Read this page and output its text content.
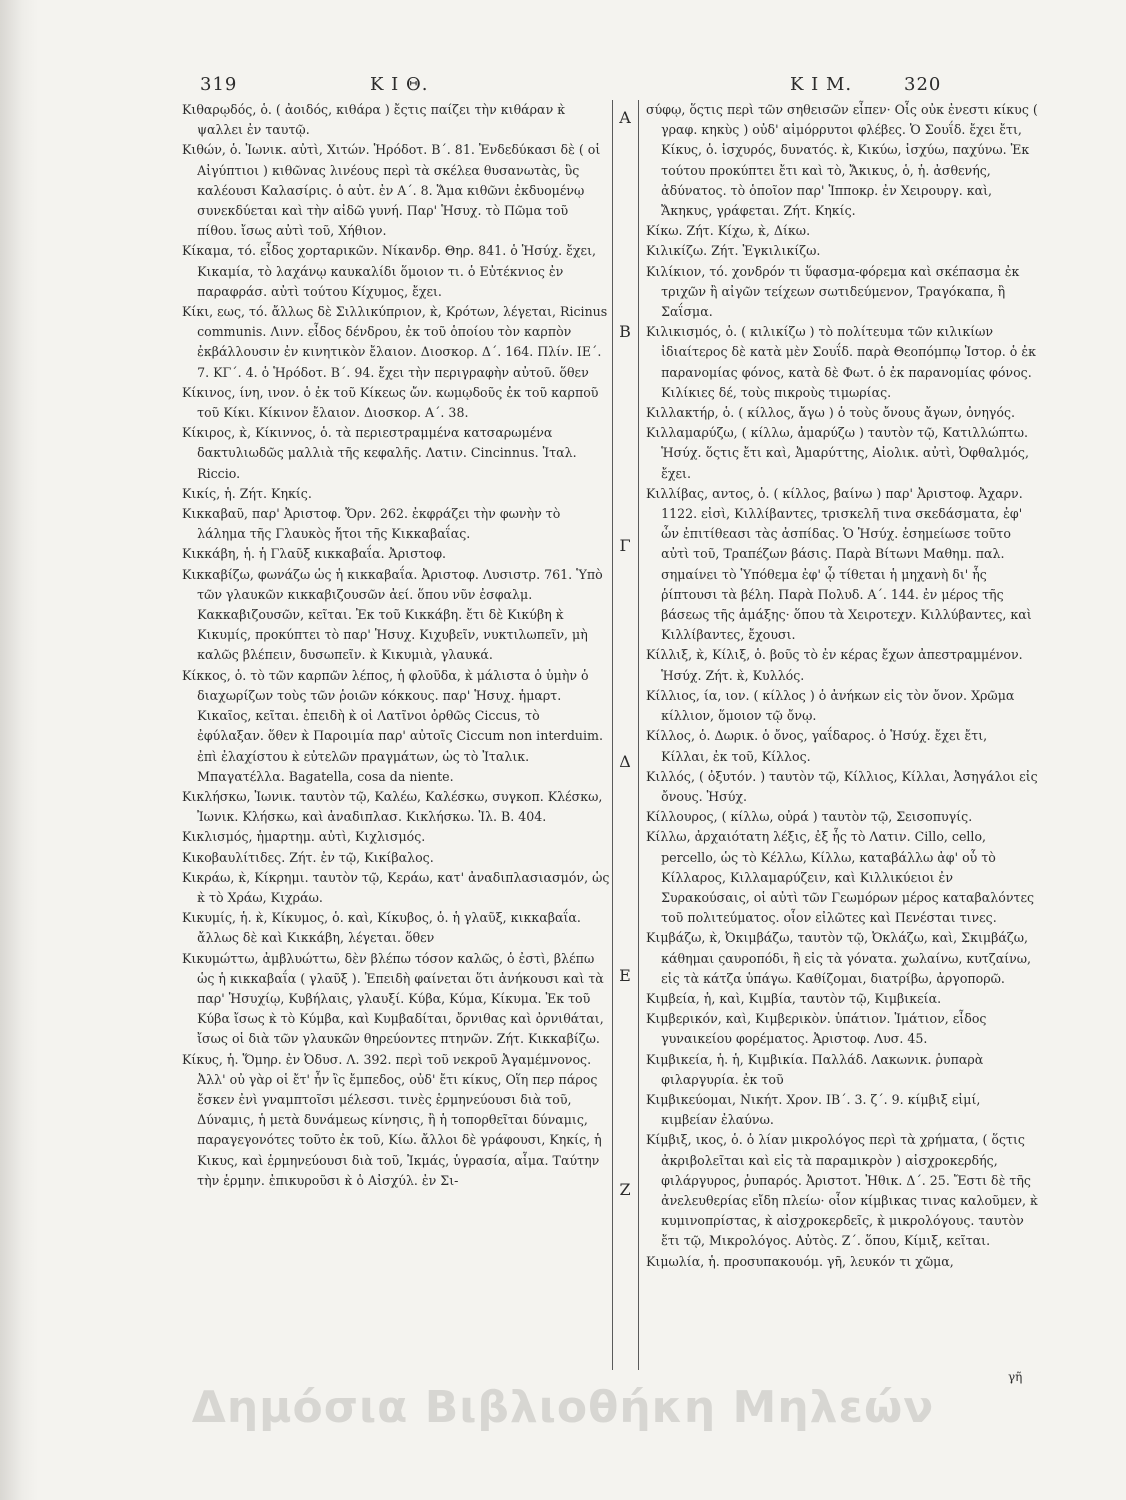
319	Κ Ι Θ.	Κ Ι Μ.	320
Α
Β
Γ
Δ
Ε
Ζ

Κιθαρῳδός, ὁ. ( ἀοιδός, κιθάρα ) ἔςτις παίζει τὴν κιθάραν κ̀ ψαλλει ἐν ταυτῷ.

Κιθών, ὁ. Ἰωνικ. αὐτὶ, Χιτών. Ἡρόδοτ. Β΄. 81. Ἐνδεδύκασι δὲ ( οἱ Αἰγύπτιοι ) κιθῶνας λινέους περὶ τὰ σκέλεα θυσανωτὰς, ὓς καλέουσι Καλασίρις. ὁ αὐτ. ἐν Α΄. 8. Ἅμα κιθῶνι ἐκδυομένῳ συνεκδύεται καὶ τὴν αἰδῶ γυνή. Παρ' Ἡσυχ. τὸ Πῶμα τοῦ πίθου. ἴσως αὐτὶ τοῦ, Χήθιον.

Κίκαμα, τό. εἶδος χορταρικῶν. Νίκανδρ. Θηρ. 841. ὁ Ἡσύχ. ἔχει, Κικαμία, τὸ λαχάνῳ καυκαλίδι ὅμοιον τι. ὁ Εὐτέκνιος ἐν παραφράσ. αὐτὶ τούτου Κίχυμος, ἔχει.

Κίκι, εως, τό. ἄλλως δὲ Σιλλικύπριον, κ̀, Κρότων, λέγεται, Ricinus communis. Λινν. εἶδος δένδρου, ἐκ τοῦ ὁποίου τὸν καρπὸν ἐκβάλλουσιν ἐν κινητικὸν ἔλαιον. Διοσκορ. Δ΄. 164. Πλίν. ΙΕ΄. 7. ΚΓ΄. 4. ὁ Ἡρόδοτ. Β΄. 94. ἔχει τὴν περιγραφὴν αὐτοῦ. ὅθεν

Κίκινος, ίνη, ινον. ὁ ἐκ τοῦ Κίκεως ὤν. κωμῳδοῦς ἐκ τοῦ καρποῦ τοῦ Κίκι. Κίκινον ἔλαιον. Διοσκορ. Α΄. 38.

Κίκιρος, κ̀, Κίκιννος, ὁ. τὰ περιεστραμμένα κατσαρωμένα δακτυλιωδῶς μαλλιὰ τῆς κεφαλῆς. Λατιν. Cincinnus. Ἰταλ. Riccio.

Κικίς, ἡ. Ζήτ. Κηκίς.

Κικκαβαῦ, παρ' Ἀριστοφ. Ὄρν. 262. ἐκφράζει τὴν φωνὴν τὸ λάλημα τῆς Γλαυκὸς ἤτοι τῆς Κικκαβαΐας.

Κικκάβη, ἡ. ἡ Γλαῦξ κικκαβαΐα. Ἀριστοφ.

Κικκαβίζω, φωνάζω ὡς ἡ κικκαβαΐα. Ἀριστοφ. Λυσιστρ. 761. Ὑπὸ τῶν γλαυκῶν κικκαβιζουσῶν ἀεί. ὅπου νῦν ἐσφαλμ. Κακκαβιζουσῶν, κεῖται. Ἐκ τοῦ Κικκάβη. ἔτι δὲ Κικύβη κ̀ Κικυμίς, προκύπτει τὸ παρ' Ἡσυχ. Κιχυβεῖν, νυκτιλωπεῖν, μὴ καλῶς βλέπειν, δυσωπεῖν. κ̀ Κικυμιὰ, γλαυκά.

Κίκκος, ὁ. τὸ τῶν καρπῶν λέπος, ἡ φλοῦδα, κ̀ μάλιστα ὁ ὑμὴν ὁ διαχωρίζων τοὺς τῶν ῥοιῶν κόκκους. παρ' Ἡσυχ. ἡμαρτ. Κικαῖος, κεῖται. ἐπειδὴ κ̀ οἱ Λατῖνοι ὀρθῶς Ciccus, τὸ ἐφύλαξαν. ὅθεν κ̀ Παροιμία παρ' αὐτοῖς Ciccum non interduim. ἐπὶ ἐλαχίστου κ̀ εὐτελῶν πραγμάτων, ὡς τὸ Ἰταλικ. Μπαγατέλλα. Bagatella, cosa da niente.

Κικλήσκω, Ἰωνικ. ταυτὸν τῷ, Καλέω, Καλέσκω, συγκοπ. Κλέσκω, Ἰωνικ. Κλήσκω, καὶ ἀναδιπλασ. Κικλήσκω. Ἰλ. Β. 404.

Κικλισμός, ἡμαρτημ. αὐτὶ, Κιχλισμός.

Κικοβαυλίτιδες. Ζήτ. ἐν τῷ, Κικίβαλος.

Κικράω, κ̀, Κίκρημι. ταυτὸν τῷ, Κεράω, κατ' ἀναδιπλασιασμόν, ὡς κ̀ τὸ Χράω, Κιχράω.

Κικυμίς, ἡ. κ̀, Κίκυμος, ὁ. καὶ, Κίκυβος, ὁ. ἡ γλαῦξ, κικκαβαΐα. ἄλλως δὲ καὶ Κικκάβη, λέγεται. ὅθεν

Κικυμώττω, ἀμβλυώττω, δὲν βλέπω τόσον καλῶς, ὁ ἐστὶ, βλέπω ὡς ἡ κικκαβαΐα ( γλαῦξ ). Ἐπειδὴ φαίνεται ὅτι ἀνήκουσι καὶ τὰ παρ' Ἡσυχίῳ, Κυβήλαις, γλαυξί. Κύβα, Κύμα, Κίκυμα. Ἐκ τοῦ Κύβα ἴσως κ̀ τὸ Κύμβα, καὶ Κυμβαδίται, ὄρνιθας καὶ ὀρνιθάται, ἴσως οἱ διὰ τῶν γλαυκῶν θηρεύοντες πτηνῶν. Ζήτ. Κικκαβίζω.

Κίκυς, ἡ. Ὅμηρ. ἐν Ὀδυσ. Λ. 392. περὶ τοῦ νεκροῦ Ἀγαμέμνονος. Ἀλλ' οὐ γὰρ οἱ ἔτ' ἦν ἲς ἔμπεδος, οὐδ' ἔτι κίκυς, Οἵη περ πάρος ἔσκεν ἐνὶ γναμπτοῖσι μέλεσσι. τινὲς ἑρμηνεύουσι διὰ τοῦ, Δύναμις, ἡ μετὰ δυνάμεως κίνησις, ἢ ἡ τοπορθεῖται δύναμις, παραγεγονότες τοῦτο ἐκ τοῦ, Κίω. ἄλλοι δὲ γράφουσι, Κηκίς, ἡ Κικυς, καὶ ἑρμηνεύουσι διὰ τοῦ, Ἰκμάς, ὑγρασία, αἷμα. Ταύτην τὴν ἑρμην. ἐπικυροῦσι κ̀ ὁ Αἰσχύλ. ἐν Σι-

σύφῳ, ὅςτις περὶ τῶν σηθεισῶν εἶπεν· Οἷς οὐκ ἐνεστι κίκυς ( γραφ. κηκὺς ) οὐδ' αἱμόρρυτοι φλέβες. Ὁ Σουΐδ. ἔχει ἔτι, Κίκυς, ὁ. ἰσχυρός, δυνατός. κ̀, Κικύω, ἰσχύω, παχύνω. Ἐκ τούτου προκύπτει ἔτι καὶ τὸ, Ἄκικυς, ὁ, ἡ. ἀσθενής, ἀδύνατος. τὸ ὁποῖον παρ' Ἱπποκρ. ἐν Χειρουργ. καὶ, Ἄκηκυς, γράφεται. Ζήτ. Κηκίς.

Κίκω. Ζήτ. Κίχω, κ̀, Δίκω.

Κιλικίζω. Ζήτ. Ἐγκιλικίζω.

Κιλίκιον, τό. χονδρόν τι ὕφασμα-φόρεμα καὶ σκέπασμα ἐκ τριχῶν ἢ αἰγῶν τείχεων σωτιδεύμενον, Τραγόκαπα, ἢ Σαΐσμα.

Κιλικισμός, ὁ. ( κιλικίζω ) τὸ πολίτευμα τῶν κιλικίων ἰδιαίτερος δὲ κατὰ μὲν Σουΐδ. παρὰ Θεοπόμπῳ Ἱστορ. ὁ ἐκ παρανομίας φόνος, κατὰ δὲ Φωτ. ὁ ἐκ παρανομίας φόνος. Κιλίκιες δέ, τοὺς πικροὺς τιμωρίας.

Κιλλακτήρ, ὁ. ( κίλλος, ἄγω ) ὁ τοὺς ὄνους ἄγων, ὀνηγός.

Κιλλαμαρύζω, ( κίλλω, ἀμαρύζω ) ταυτὸν τῷ, Κατιλλώπτω. Ἡσύχ. ὅςτις ἔτι καὶ, Ἀμαρύττης, Αἰολικ. αὐτὶ, Ὀφθαλμός, ἔχει.

Κιλλίβας, αντος, ὁ. ( κίλλος, βαίνω ) παρ' Ἀριστοφ. Ἀχαρν. 1122. εἰσὶ, Κιλλίβαντες, τρισκελῆ τινα σκεδάσματα, ἐφ' ὧν ἐπιτίθεασι τὰς ἀσπίδας. Ὁ Ἡσύχ. ἐσημείωσε τοῦτο αὐτὶ τοῦ, Τραπέζων βάσις. Παρὰ Βίτωνι Μαθημ. παλ. σημαίνει τὸ Ὑπόθεμα ἐφ' ᾧ τίθεται ἡ μηχανὴ δι' ἧς ῥίπτουσι τὰ βέλη. Παρὰ Πολυδ. Α΄. 144. ἐν μέρος τῆς βάσεως τῆς ἁμάξης· ὅπου τὰ Χειροτεχν. Κιλλύβαντες, καὶ Κιλλίβαντες, ἔχουσι.

Κίλλιξ, κ̀, Κίλιξ, ὁ. βοῦς τὸ ἐν κέρας ἔχων ἀπεστραμμένον. Ἡσύχ. Ζήτ. κ̀, Κυλλός.

Κίλλιος, ία, ιον. ( κίλλος ) ὁ ἀνήκων εἰς τὸν ὄνον. Χρῶμα κίλλιον, ὅμοιον τῷ ὄνῳ.

Κίλλος, ὁ. Δωρικ. ὁ ὄνος, γαΐδαρος. ὁ Ἡσύχ. ἔχει ἔτι, Κίλλαι, ἐκ τοῦ, Κίλλος.

Κιλλός, ( ὀξυτόν. ) ταυτὸν τῷ, Κίλλιος, Κίλλαι, Ἀσηγάλοι εἰς ὄνους. Ἡσύχ.

Κίλλουρος, ( κίλλω, οὐρά ) ταυτὸν τῷ, Σεισοπυγίς.

Κίλλω, ἀρχαιότατη λέξις, ἐξ ἧς τὸ Λατιν. Cillo, cello, percello, ὡς τὸ Κέλλω, Κίλλω, καταβάλλω ἀφ' οὗ τὸ Κίλλαρος, Κιλλαμαρύζειν, καὶ Κιλλικύειοι ἐν Συρακούσαις, οἱ αὐτὶ τῶν Γεωμόρων μέρος καταβαλόντες τοῦ πολιτεύματος. οἷον εἰλῶτες καὶ Πενέσται τινες.

Κιμβάζω, κ̀, Ὀκιμβάζω, ταυτὸν τῷ, Ὀκλάζω, καὶ, Σκιμβάζω, κάθημαι ςαυροπόδι, ἢ εἰς τὰ γόνατα. χωλαίνω, κυτζαίνω, εἰς τὰ κάτζα ὑπάγω. Καθίζομαι, διατρίβω, ἀργοπορῶ.

Κιμβεία, ἡ, καὶ, Κιμβία, ταυτὸν τῷ, Κιμβικεία.

Κιμβερικόν, καὶ, Κιμβερικὸν. ὑπάτιον. Ἱμάτιον, εἶδος γυναικείου φορέματος. Ἀριστοφ. Λυσ. 45.

Κιμβικεία, ἡ. ἡ, Κιμβικία. Παλλάδ. Λακωνικ. ῥυπαρὰ φιλαργυρία. ἐκ τοῦ

Κιμβικεύομαι, Νικήτ. Χρον. ΙΒ΄. 3. ζ΄. 9. κίμβιξ εἰμί, κιμβείαν ἐλαύνω.

Κίμβιξ, ικος, ὁ. ὁ λίαν μικρολόγος περὶ τὰ χρήματα, ( ὅςτις ἀκριβολεῖται καὶ εἰς τὰ παραμικρὸν ) αἰσχροκερδής, φιλάργυρος, ῥυπαρός. Ἀριστοτ. Ἠθικ. Δ΄. 25. Ἔστι δὲ τῆς ἀνελευθερίας εἴδη πλείω· οἷον κίμβικας τινας καλοῦμεν, κ̀ κυμινοπρίστας, κ̀ αἰσχροκερδεῖς, κ̀ μικρολόγους. ταυτὸν ἔτι τῷ, Μικρολόγος. Αὐτὸς. Ζ΄. ὅπου, Κίμιξ, κεῖται.

Κιμωλία, ἡ. προσυπακουόμ. γῆ, λευκόν τι χῶμα,

γῆ
Δημόσια Βιβλιοθήκη Μηλεών
